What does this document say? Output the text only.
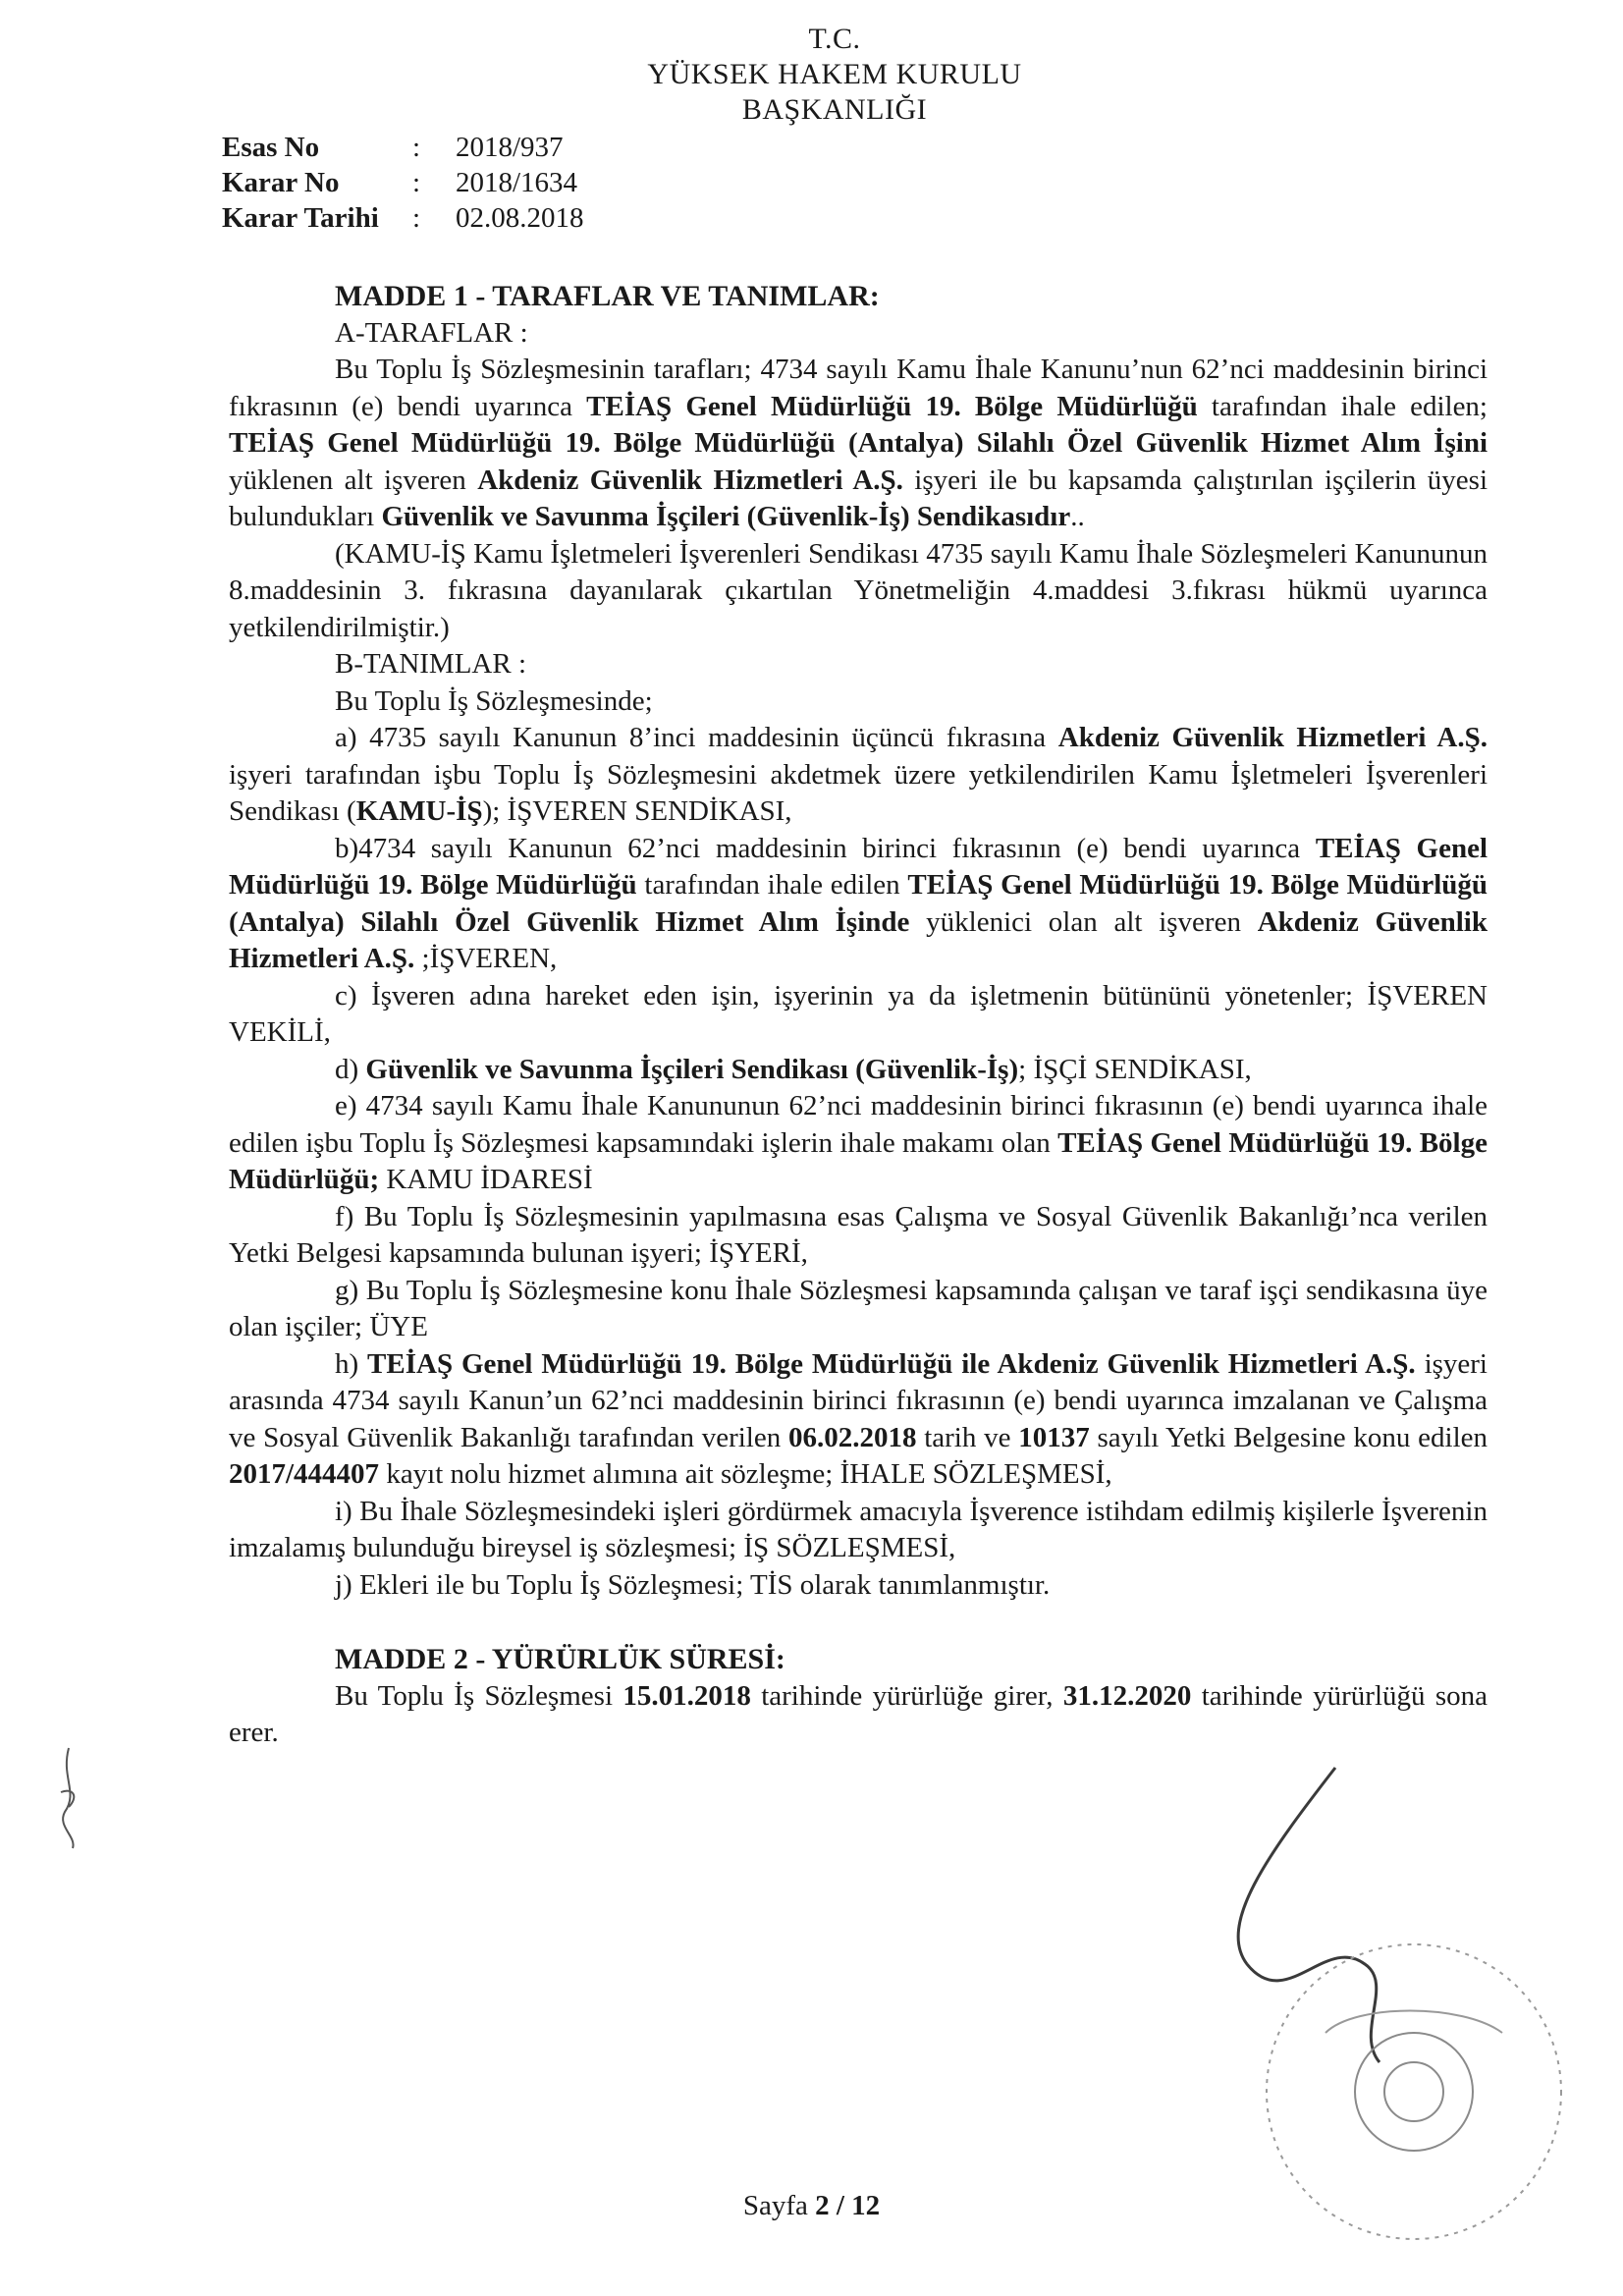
T.C.
YÜKSEK HAKEM KURULU
BAŞKANLIĞI
Esas No	:	2018/937
Karar No	:	2018/1634
Karar Tarihi	:	02.08.2018
MADDE 1 - TARAFLAR VE TANIMLAR:
A-TARAFLAR :

Bu Toplu İş Sözleşmesinin tarafları; 4734 sayılı Kamu İhale Kanunu’nun 62’nci maddesinin birinci fıkrasının (e) bendi uyarınca TEİAŞ Genel Müdürlüğü 19. Bölge Müdürlüğü tarafından ihale edilen; TEİAŞ Genel Müdürlüğü 19. Bölge Müdürlüğü (Antalya) Silahlı Özel Güvenlik Hizmet Alım İşini yüklenen alt işveren Akdeniz Güvenlik Hizmetleri A.Ş. işyeri ile bu kapsamda çalıştırılan işçilerin üyesi bulundukları Güvenlik ve Savunma İşçileri (Güvenlik-İş) Sendikasıdır..

(KAMU-İŞ Kamu İşletmeleri İşverenleri Sendikası 4735 sayılı Kamu İhale Sözleşmeleri Kanununun 8.maddesinin 3. fıkrasına dayanılarak çıkartılan Yönetmeliğin 4.maddesi 3.fıkrası hükmü uyarınca yetkilendirilmiştir.)

B-TANIMLAR :
Bu Toplu İş Sözleşmesinde;

a) 4735 sayılı Kanunun 8’inci maddesinin üçüncü fıkrasına Akdeniz Güvenlik Hizmetleri A.Ş. işyeri tarafından işbu Toplu İş Sözleşmesini akdetmek üzere yetkilendirilen Kamu İşletmeleri İşverenleri Sendikası (KAMU-İŞ); İŞVEREN SENDİKASI,

b)4734 sayılı Kanunun 62’nci maddesinin birinci fıkrasının (e) bendi uyarınca TEİAŞ Genel Müdürlüğü 19. Bölge Müdürlüğü tarafından ihale edilen TEİAŞ Genel Müdürlüğü 19. Bölge Müdürlüğü (Antalya) Silahlı Özel Güvenlik Hizmet Alım İşinde yüklenici olan alt işveren Akdeniz Güvenlik Hizmetleri A.Ş. ;İŞVEREN,

c) İşveren adına hareket eden işin, işyerinin ya da işletmenin bütününü yönetenler; İŞVEREN VEKİLİ,

d) Güvenlik ve Savunma İşçileri Sendikası (Güvenlik-İş); İŞÇİ SENDİKASI,

e) 4734 sayılı Kamu İhale Kanununun 62’nci maddesinin birinci fıkrasının (e) bendi uyarınca ihale edilen işbu Toplu İş Sözleşmesi kapsamındaki işlerin ihale makamı olan TEİAŞ Genel Müdürlüğü 19. Bölge Müdürlüğü; KAMU İDARESİ

f) Bu Toplu İş Sözleşmesinin yapılmasına esas Çalışma ve Sosyal Güvenlik Bakanlığı’nca verilen Yetki Belgesi kapsamında bulunan işyeri; İŞYERİ,

g) Bu Toplu İş Sözleşmesine konu İhale Sözleşmesi kapsamında çalışan ve taraf işçi sendikasına üye olan işçiler; ÜYE

h) TEİAŞ Genel Müdürlüğü 19. Bölge Müdürlüğü ile Akdeniz Güvenlik Hizmetleri A.Ş. işyeri arasında 4734 sayılı Kanun’un 62’nci maddesinin birinci fıkrasının (e) bendi uyarınca imzalanan ve Çalışma ve Sosyal Güvenlik Bakanlığı tarafından verilen 06.02.2018 tarih ve 10137 sayılı Yetki Belgesine konu edilen 2017/444407 kayıt nolu hizmet alımına ait sözleşme; İHALE SÖZLEŞMESİ,

i) Bu İhale Sözleşmesindeki işleri gördürmek amacıyla İşverence istihdam edilmiş kişilerle İşverenin imzalamış bulunduğu bireysel iş sözleşmesi; İŞ SÖZLEŞMESİ,

j) Ekleri ile bu Toplu İş Sözleşmesi; TİS olarak tanımlanmıştır.

MADDE 2 - YÜRÜRLÜK SÜRESİ:

Bu Toplu İş Sözleşmesi 15.01.2018 tarihinde yürürlüğe girer, 31.12.2020 tarihinde yürürlüğü sona erer.

Sayfa 2 / 12
